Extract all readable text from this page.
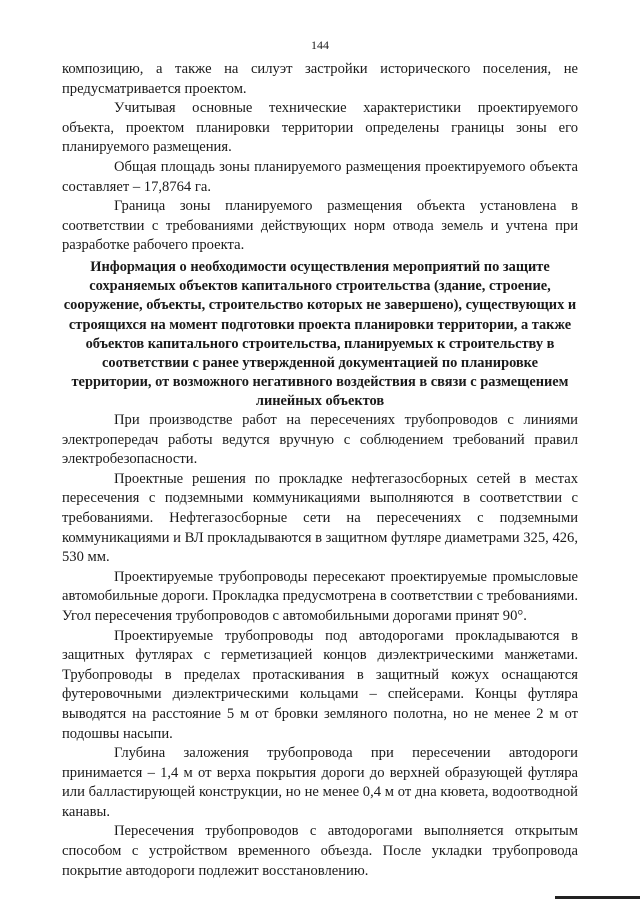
144

композицию, а также на силуэт застройки исторического поселения, не предусматривается проектом.

Учитывая основные технические характеристики проектируемого объекта, проектом планировки территории определены границы зоны его планируемого размещения.

Общая площадь зоны планируемого размещения проектируемого объекта составляет – 17,8764 га.

Граница зоны планируемого размещения объекта установлена в соответствии с требованиями действующих норм отвода земель и учтена при разработке рабочего проекта.

Информация о необходимости осуществления мероприятий по защите сохраняемых объектов капитального строительства (здание, строение, сооружение, объекты, строительство которых не завершено), существующих и строящихся на момент подготовки проекта планировки территории, а также объектов капитального строительства, планируемых к строительству в соответствии с ранее утвержденной документацией по планировке территории, от возможного негативного воздействия в связи с размещением линейных объектов

При производстве работ на пересечениях трубопроводов с линиями электропередач работы ведутся вручную с соблюдением требований правил электробезопасности.

Проектные решения по прокладке нефтегазосборных сетей в местах пересечения с подземными коммуникациями выполняются в соответствии с требованиями. Нефтегазосборные сети на пересечениях с подземными коммуникациями и ВЛ прокладываются в защитном футляре диаметрами 325, 426, 530 мм.

Проектируемые трубопроводы пересекают проектируемые промысловые автомобильные дороги. Прокладка предусмотрена в соответствии с требованиями. Угол пересечения трубопроводов с автомобильными дорогами принят 90°.

Проектируемые трубопроводы под автодорогами прокладываются в защитных футлярах с герметизацией концов диэлектрическими манжетами. Трубопроводы в пределах протаскивания в защитный кожух оснащаются футеровочными диэлектрическими кольцами – спейсерами. Концы футляра выводятся на расстояние 5 м от бровки земляного полотна, но не менее 2 м от подошвы насыпи.

Глубина заложения трубопровода при пересечении автодороги принимается – 1,4 м от верха покрытия дороги до верхней образующей футляра или балластирующей конструкции, но не менее 0,4 м от дна кювета, водоотводной канавы.

Пересечения трубопроводов с автодорогами выполняется открытым способом с устройством временного объезда. После укладки трубопровода покрытие автодороги подлежит восстановлению.
